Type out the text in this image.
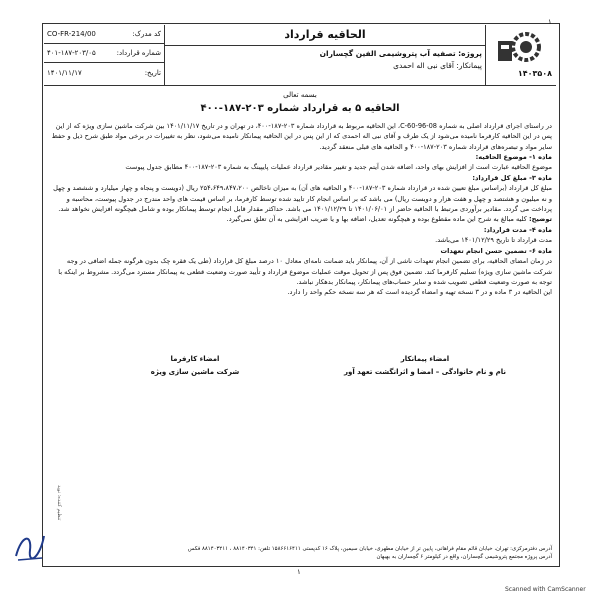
۱
CO-FR-214/00	کد مدرک:
۴۰۱-۱۸۷-۲۰۳/۰۵	شماره قرارداد:
۱۴۰۱/۱۱/۱۷	تاریخ:
الحاقیه قرارداد
پروژه: تصفیه آب پتروشیمی الفین گچساران
پیمانکار: آقای نبی اله احمدی
۱۴۰۳۵۰۸

بسمه تعالی

الحاقیه ۵ به قرارداد شماره ۲۰۳-۱۸۷-۴۰۰

در راستای اجرای قرارداد اصلی به شماره C-60-96-08، این الحاقیه مربوط به قرارداد شماره ۲۰۳-۱۸۷-۴۰۰، در تهران و در تاریخ ۱۴۰۱/۱۱/۱۷ بین شرکت ماشین سازی ویژه که از این پس در این الحاقیه کارفرما نامیده می‌شود از یک طرف و آقای نبی اله احمدی که از این پس در این الحاقیه پیمانکار نامیده می‌شود، نظر به تغییرات در برخی مواد طبق شرح ذیل و حفظ سایر مواد و تبصره‌های قرارداد شماره ۲۰۳-۱۸۷-۴۰۰ و الحاقیه های قبلی منعقد گردید.

ماده ۱- موضوع الحاقیه:

موضوع الحاقیه عبارت است از افزایش بهای واحد، اضافه شدن آیتم جدید و تغییر مقادیر قرارداد عملیات پایپینگ به شماره ۲۰۳-۱۸۷-۴۰۰ مطابق جدول پیوست

ماده ۳- مبلغ کل قرارداد:

مبلغ کل قرارداد (براساس مبلغ تعیین شده در قرارداد شماره ۲۰۳-۱۸۷-۴۰۰ و الحاقیه های آن) به میزان ناخالص ۲۵۴،۶۴۹،۸۴۷،۲۰۰ ریال (دویست و پنجاه و چهار میلیارد و ششصد و چهل و نه میلیون و هشتصد و چهل و هفت هزار و دویست ریال) می باشد که بر اساس انجام کار تایید شده توسط کارفرما، بر اساس قیمت های واحد مندرج در جدول پیوست، محاسبه و پرداخت می گردد. مقادیر برآوردی مرتبط با الحاقیه حاضر از ۱۴۰۱/۰۶/۰۱ تا ۱۴۰۱/۱۲/۲۹ می باشد. حداکثر مقدار قابل انجام توسط پیمانکار بوده و شامل هیچگونه افزایش نخواهد شد.

توضیح: کلیه مبالغ به شرح این ماده مقطوع بوده و هیچگونه تعدیل، اضافه بها و یا ضریب افزایشی به آن تعلق نمی‌گیرد.

ماده ۴- مدت قرارداد:

مدت قرارداد تا تاریخ ۱۴۰۱/۱۲/۲۹ می‌باشد.

ماده ۶- تضمین حسن انجام تعهدات

در زمان امضای الحاقیه، برای تضمین انجام تعهدات ناشی از آن، پیمانکار باید ضمانت نامه‌ای معادل ۱۰ درصد مبلغ کل قرارداد (طی یک فقره چک بدون هرگونه جمله اضافی در وجه شرکت ماشین سازی ویژه) تسلیم کارفرما کند. تضمین فوق پس از تحویل موقت عملیات موضوع قرارداد و تأیید صورت وضعیت قطعی به پیمانکار مسترد می‌گردد. مشروط بر اینکه با توجه به صورت وضعیت قطعی تصویب شده و سایر حساب‌های پیمانکار، پیمانکار بدهکار نباشد.

این الحاقیه در ۳ ماده و در ۳ نسخه تهیه و امضاء گردیده است که هر سه نسخه حکم واحد را دارد.

امضاء پیمانکار
نام و نام خانوادگی – امضا و اثرانگشت تعهد آور
امضاء کارفرما
شرکت ماشین سازی ویژه
تنظیم کننده: نوید
آدرس دفترمرکزی: تهران، خیابان قائم مقام فراهانی، پایین تر از خیابان مطهری، خیابان سیمین، پلاک ۱۶ کدپستی ۱۵۸۶۶۱۶۴۱۱ تلفن: ۸۸۱۴۰۳۴۱ ، ۸۸۱۴۰۳۲۱۱ فکس
آدرس پروژه مجتمع پتروشیمی گچساران، واقع در کیلومتر ۶ گچساران به بهبهان
۱
Scanned with CamScanner
